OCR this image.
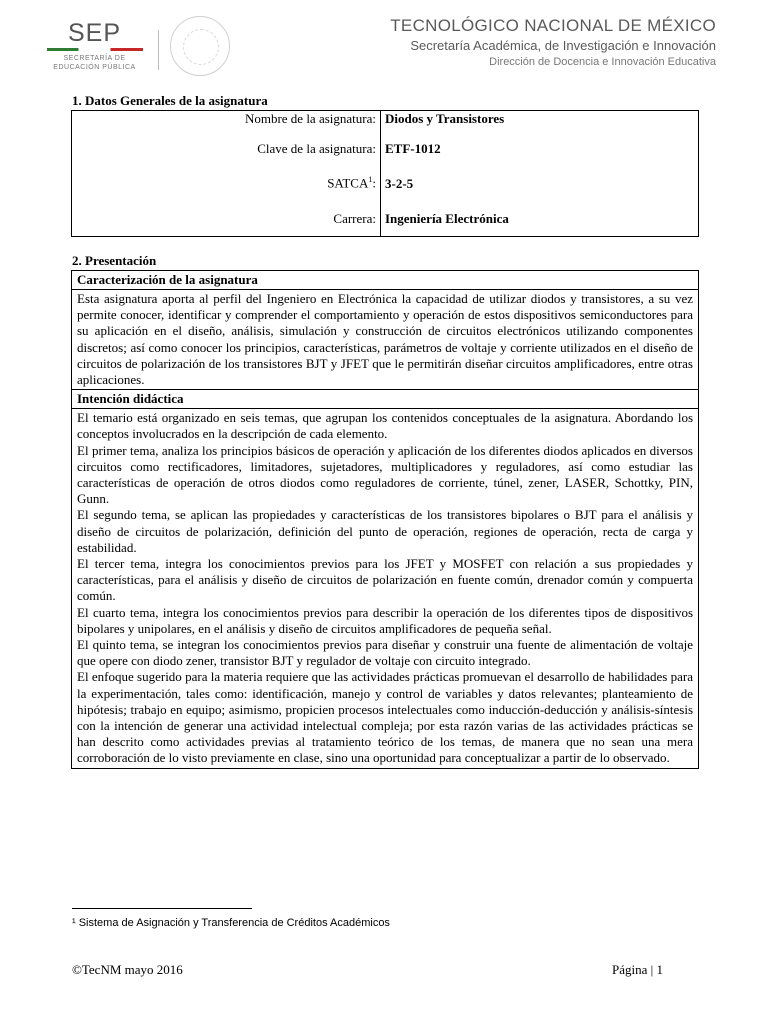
SEP
SECRETARÍA DE
EDUCACIÓN PÚBLICA
TECNOLÓGICO NACIONAL DE MÉXICO
Secretaría Académica, de Investigación e Innovación
Dirección de Docencia e Innovación Educativa
1. Datos Generales de la asignatura
Nombre de la asignatura:	Diodos y Transistores
Clave de la asignatura:	ETF-1012
SATCA$^1$:	3-2-5
Carrera:	Ingeniería Electrónica
2. Presentación
Caracterización de la asignatura
Esta asignatura aporta al perfil del Ingeniero en Electrónica la capacidad de utilizar diodos y transistores, a su vez permite conocer, identificar y comprender el comportamiento y operación de estos dispositivos semiconductores para su aplicación en el diseño, análisis, simulación y construcción de circuitos electrónicos utilizando componentes discretos; así como conocer los principios, características, parámetros de voltaje y corriente utilizados en el diseño de circuitos de polarización de los transistores BJT y JFET que le permitirán diseñar circuitos amplificadores, entre otras aplicaciones.
Intención didáctica

El temario está organizado en seis temas, que agrupan los contenidos conceptuales de la asignatura. Abordando los conceptos involucrados en la descripción de cada elemento.

El primer tema, analiza los principios básicos de operación y aplicación de los diferentes diodos aplicados en diversos circuitos como rectificadores, limitadores, sujetadores, multiplicadores y reguladores, así como estudiar las características de operación de otros diodos como reguladores de corriente, túnel, zener, LASER, Schottky, PIN, Gunn.

El segundo tema, se aplican las propiedades y características de los transistores bipolares o BJT para el análisis y diseño de circuitos de polarización, definición del punto de operación, regiones de operación, recta de carga y estabilidad.

El tercer tema, integra los conocimientos previos para los JFET y MOSFET con relación a sus propiedades y características, para el análisis y diseño de circuitos de polarización en fuente común, drenador común y compuerta común.

El cuarto tema, integra los conocimientos previos para describir la operación de los diferentes tipos de dispositivos bipolares y unipolares, en el análisis y diseño de circuitos amplificadores de pequeña señal.

El quinto tema, se integran los conocimientos previos para diseñar y construir una fuente de alimentación de voltaje que opere con diodo zener, transistor BJT y regulador de voltaje con circuito integrado.

El enfoque sugerido para la materia requiere que las actividades prácticas promuevan el desarrollo de habilidades para la experimentación, tales como: identificación, manejo y control de variables y datos relevantes; planteamiento de hipótesis; trabajo en equipo; asimismo, propicien procesos intelectuales como inducción-deducción y análisis-síntesis con la intención de generar una actividad intelectual compleja; por esta razón varias de las actividades prácticas se han descrito como actividades previas al tratamiento teórico de los temas, de manera que no sean una mera corroboración de lo visto previamente en clase, sino una oportunidad para conceptualizar a partir de lo observado.

¹ Sistema de Asignación y Transferencia de Créditos Académicos
©TecNM mayo 2016	Página | 1
